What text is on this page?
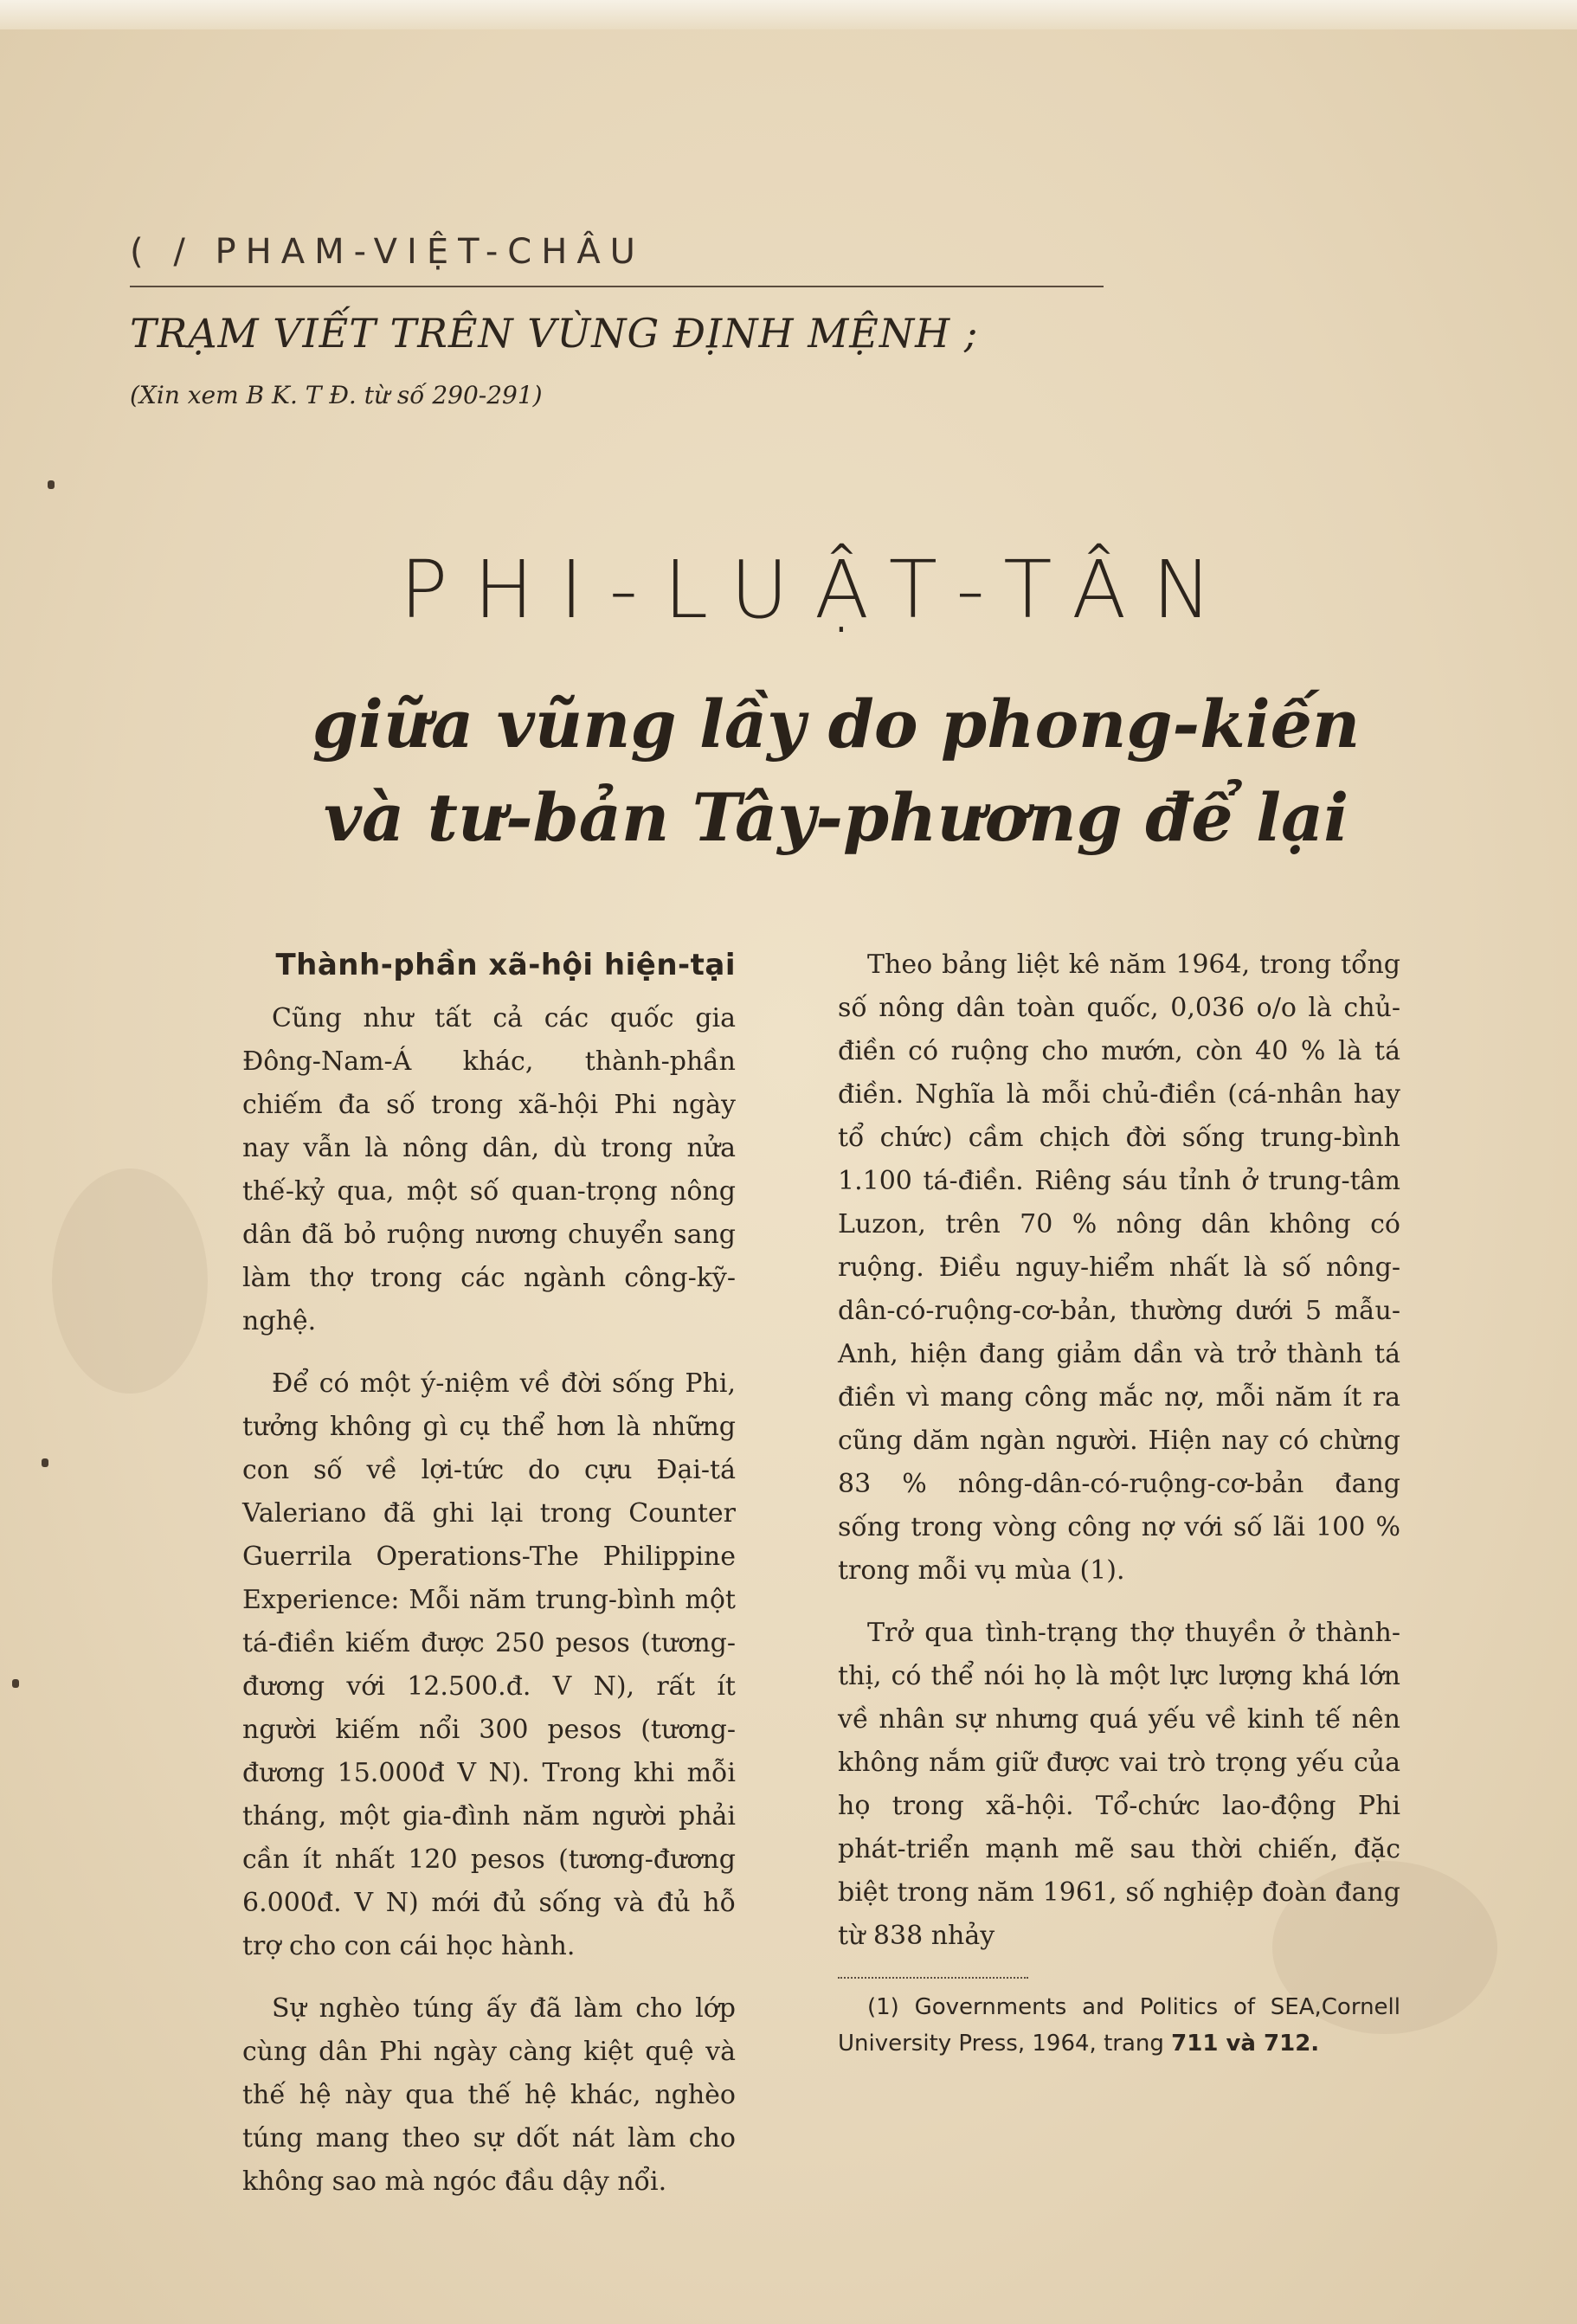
( / PHAM-VIỆT-CHÂU
TRẠM VIẾT TRÊN VÙNG ĐỊNH MỆNH ;
(Xin xem B K. T Đ. từ số 290-291)
PHI-LUẬT-TÂN
giữa vũng lầy do phong-kiến
và tư-bản Tây-phương để lại
Thành-phần xã-hội hiện-tại

Cũng như tất cả các quốc gia Đông-Nam-Á khác, thành-phần chiếm đa số trong xã-hội Phi ngày nay vẫn là nông dân, dù trong nửa thế-kỷ qua, một số quan-trọng nông dân đã bỏ ruộng nương chuyển sang làm thợ trong các ngành công-kỹ-nghệ.

Để có một ý-niệm về đời sống Phi, tưởng không gì cụ thể hơn là những con số về lợi-tức do cựu Đại-tá Valeriano đã ghi lại trong Counter Guerrila Operations-The Philippine Experience: Mỗi năm trung-bình một tá-điền kiếm được 250 pesos (tương-đương với 12.500.đ. V N), rất ít người kiếm nổi 300 pesos (tương-đương 15.000đ V N). Trong khi mỗi tháng, một gia-đình năm người phải cần ít nhất 120 pesos (tương-đương 6.000đ. V N) mới đủ sống và đủ hỗ trợ cho con cái học hành.

Sự nghèo túng ấy đã làm cho lớp cùng dân Phi ngày càng kiệt quệ và thế hệ này qua thế hệ khác, nghèo túng mang theo sự dốt nát làm cho không sao mà ngóc đầu dậy nổi.

Theo bảng liệt kê năm 1964, trong tổng số nông dân toàn quốc, 0,036 o/o là chủ-điền có ruộng cho mướn, còn 40 % là tá điền. Nghĩa là mỗi chủ-điền (cá-nhân hay tổ chức) cầm chịch đời sống trung-bình 1.100 tá-điền. Riêng sáu tỉnh ở trung-tâm Luzon, trên 70 % nông dân không có ruộng. Điều nguy-hiểm nhất là số nông-dân-có-ruộng-cơ-bản, thường dưới 5 mẫu-Anh, hiện đang giảm dần và trở thành tá điền vì mang công mắc nợ, mỗi năm ít ra cũng dăm ngàn người. Hiện nay có chừng 83 % nông-dân-có-ruộng-cơ-bản đang sống trong vòng công nợ với số lãi 100 % trong mỗi vụ mùa (1).

Trở qua tình-trạng thợ thuyền ở thành-thị, có thể nói họ là một lực lượng khá lớn về nhân sự nhưng quá yếu về kinh tế nên không nắm giữ được vai trò trọng yếu của họ trong xã-hội. Tổ-chức lao-động Phi phát-triển mạnh mẽ sau thời chiến, đặc biệt trong năm 1961, số nghiệp đoàn đang từ 838 nhảy

(1) Governments and Politics of SEA,Cornell University Press, 1964, trang 711 và 712.
